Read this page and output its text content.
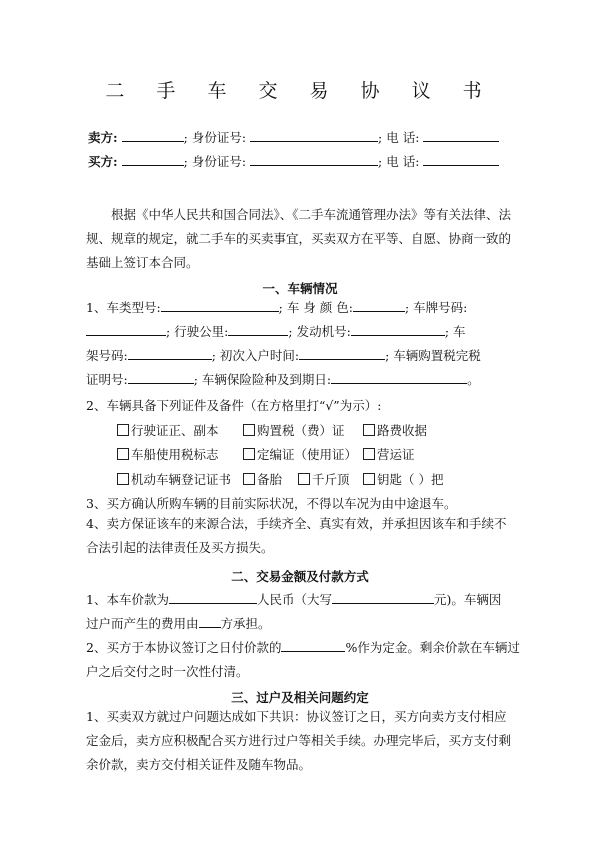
二 手 车 交 易 协 议 书
卖方:	; 身份证号:	; 电 话:
买方:	; 身份证号:	; 电 话:
根据《中华人民共和国合同法》、《二手车流通管理办法》等有关法律、法规、规章的规定，就二手车的买卖事宜，买卖双方在平等、自愿、协商一致的基础上签订本合同。
一、车辆情况
1、车类型号:	; 车 身 颜 色:	; 车牌号码:
; 行驶公里:	; 发动机号:	; 车
架号码:	; 初次入户时间:	; 车辆购置税完税
证明号:	; 车辆保险险种及到期日:	。
2、车辆具备下列证件及备件（在方格里打“√”为示）:
行驶证正、副本	购置税（费）证	路费收据
车船使用税标志	定编证（使用证）	营运证
机动车辆登记证书	备胎	千斤顶	钥匙（ ）把
3、买方确认所购车辆的目前实际状况，不得以车况为由中途退车。
4、卖方保证该车的来源合法，手续齐全、真实有效，并承担因该车和手续不合法引起的法律责任及买方损失。
二、交易金额及付款方式
1、本车价款为	人民币（大写	元)。车辆因
过户而产生的费用由 方承担。
2、买方于本协议签订之日付价款的	%作为定金。剩余价款在车辆过
户之后交付之时一次性付清。
三、过户及相关问题约定
1、买卖双方就过户问题达成如下共识：协议签订之日，买方向卖方支付相应定金后，卖方应积极配合买方进行过户等相关手续。办理完毕后，买方支付剩余价款，卖方交付相关证件及随车物品。
